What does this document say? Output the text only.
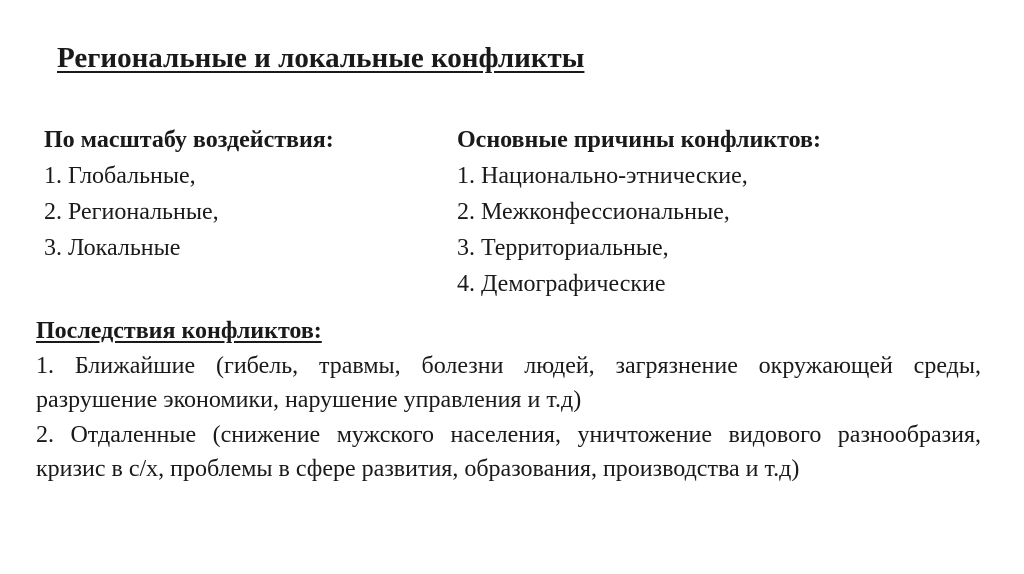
Региональные и локальные конфликты
По масштабу воздействия:
1. Глобальные,
2. Региональные,
3. Локальные
Основные причины конфликтов:
1. Национально-этнические,
2. Межконфессиональные,
3. Территориальные,
4. Демографические
Последствия конфликтов:
1. Ближайшие (гибель, травмы, болезни людей, загрязнение окружающей среды, разрушение экономики, нарушение управления и т.д)
2. Отдаленные (снижение мужского населения, уничтожение видового разнообразия, кризис в с/х, проблемы в сфере развития, образования, производства и т.д)
